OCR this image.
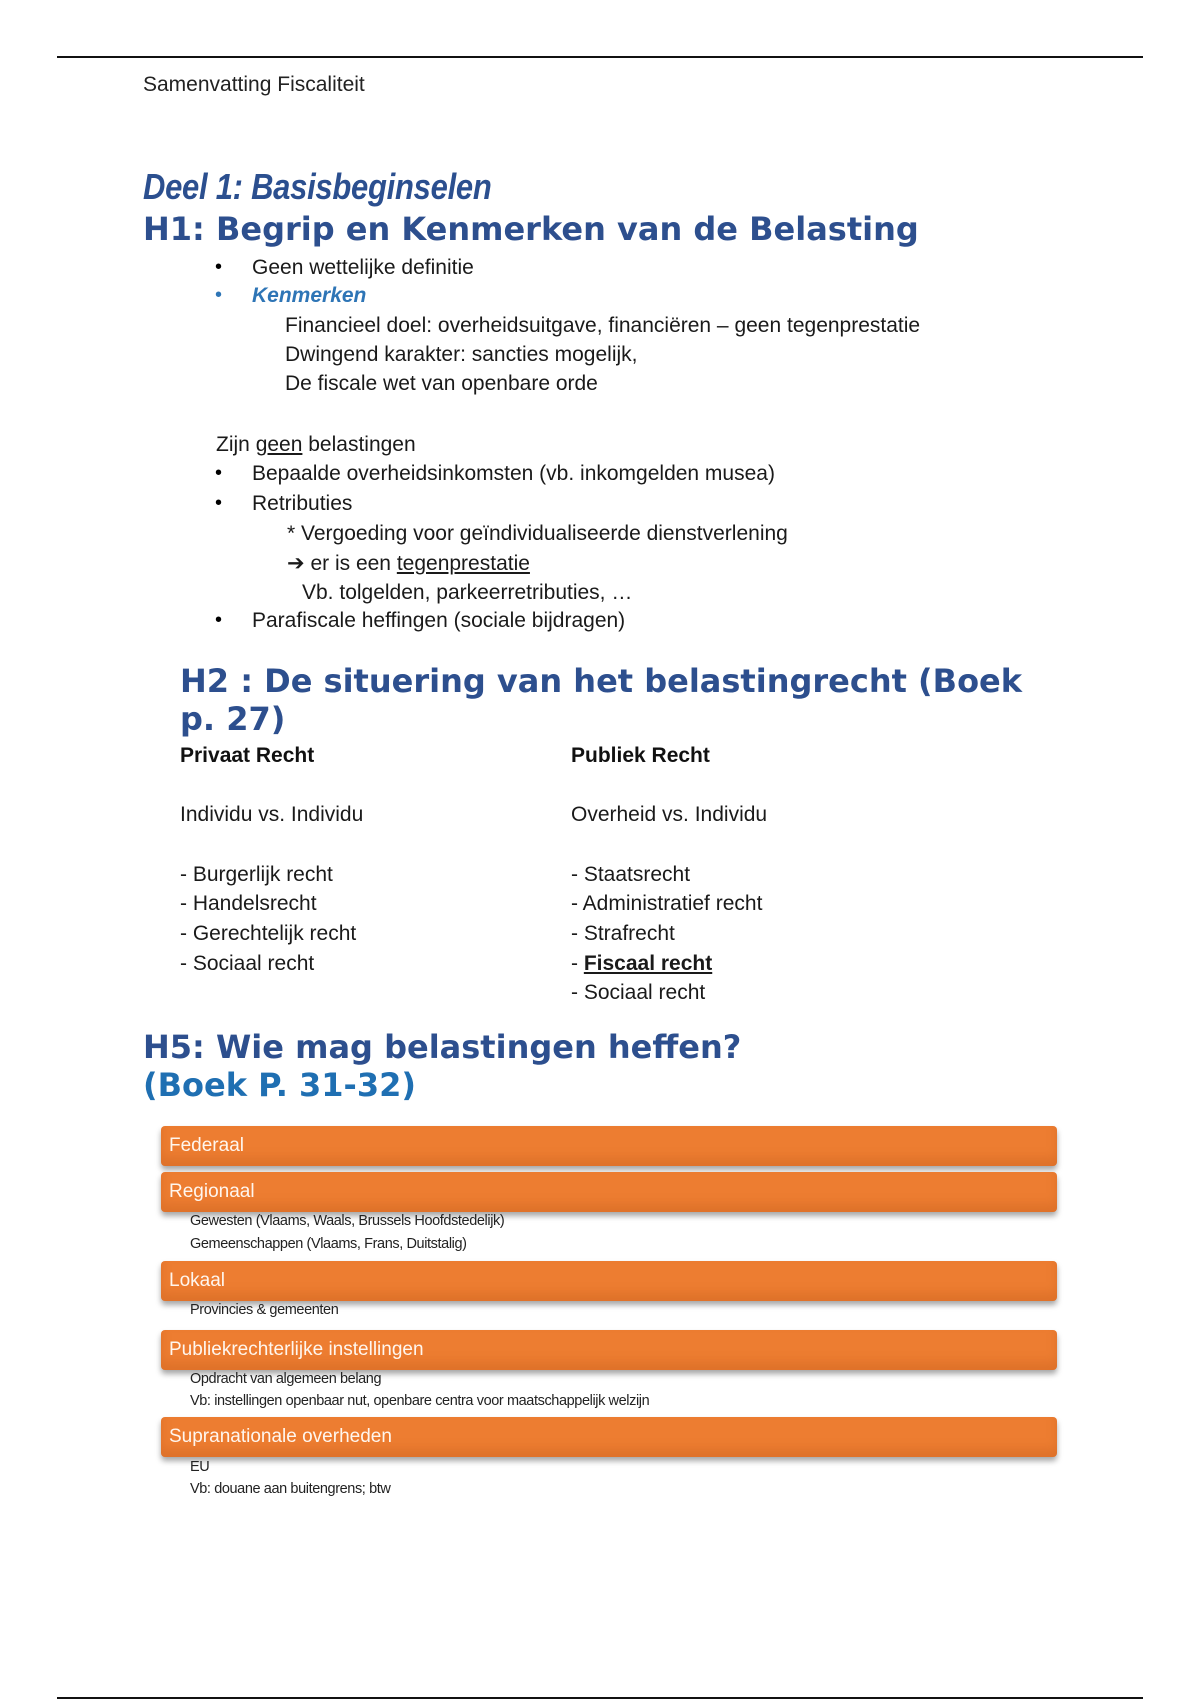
Samenvatting Fiscaliteit
Deel 1: Basisbeginselen
H1: Begrip en Kenmerken van de Belasting
• Geen wettelijke definitie
• Kenmerken
Financieel doel: overheidsuitgave, financiëren – geen tegenprestatie
Dwingend karakter: sancties mogelijk,
De fiscale wet van openbare orde
Zijn geen belastingen
• Bepaalde overheidsinkomsten (vb. inkomgelden musea)
• Retributies
* Vergoeding voor geïndividualiseerde dienstverlening
➔ er is een tegenprestatie
Vb. tolgelden, parkeerretributies, …
• Parafiscale heffingen (sociale bijdragen)
H2 : De situering van het belastingrecht (Boek p. 27)
Privaat Recht	Publiek Recht
Individu vs. Individu	Overheid vs. Individu
- Burgerlijk recht
- Handelsrecht
- Gerechtelijk recht
- Sociaal recht
- Staatsrecht
- Administratief recht
- Strafrecht
- Fiscaal recht
- Sociaal recht
H5: Wie mag belastingen heffen?
(Boek P. 31-32)
Federaal
Regionaal
Gewesten (Vlaams, Waals, Brussels Hoofdstedelijk)
Gemeenschappen (Vlaams, Frans, Duitstalig)
Lokaal
Provincies & gemeenten
Publiekrechterlijke instellingen
Opdracht van algemeen belang
Vb: instellingen openbaar nut, openbare centra voor maatschappelijk welzijn
Supranationale overheden
EU
Vb: douane aan buitengrens; btw
